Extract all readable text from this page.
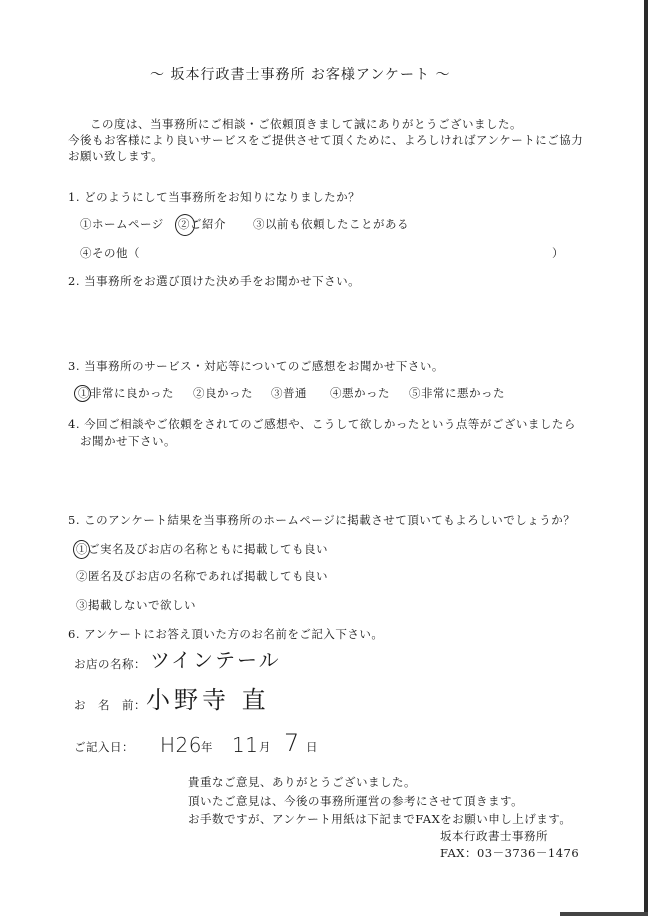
～ 坂本行政書士事務所 お客様アンケート ～
この度は、当事務所にご相談・ご依頼頂きまして誠にありがとうございました。
今後もお客様により良いサービスをご提供させて頂くために、よろしければアンケートにご協力
お願い致します。
1. どのようにして当事務所をお知りになりましたか？
①ホームページ ②ご紹介 ③以前も依頼したことがある
④その他（	）
2. 当事務所をお選び頂けた決め手をお聞かせ下さい。
3. 当事務所のサービス・対応等についてのご感想をお聞かせ下さい。
①非常に良かった ②良かった ③普通 ④悪かった ⑤非常に悪かった
4. 今回ご相談やご依頼をされてのご感想や、こうして欲しかったという点等がございましたら
お聞かせ下さい。
5. このアンケート結果を当事務所のホームページに掲載させて頂いてもよろしいでしょうか？
①ご実名及びお店の名称ともに掲載しても良い
②匿名及びお店の名称であれば掲載しても良い
③掲載しないで欲しい
6. アンケートにお答え頂いた方のお名前をご記入下さい。
お店の名称： ツインテール
お　名　前： 小野寺 直
ご記入日： H26 年 11 月 7 日
貴重なご意見、ありがとうございました。
頂いたご意見は、今後の事務所運営の参考にさせて頂きます。
お手数ですが、アンケート用紙は下記までFAXをお願い申し上げます。
坂本行政書士事務所
FAX：03－3736－1476
